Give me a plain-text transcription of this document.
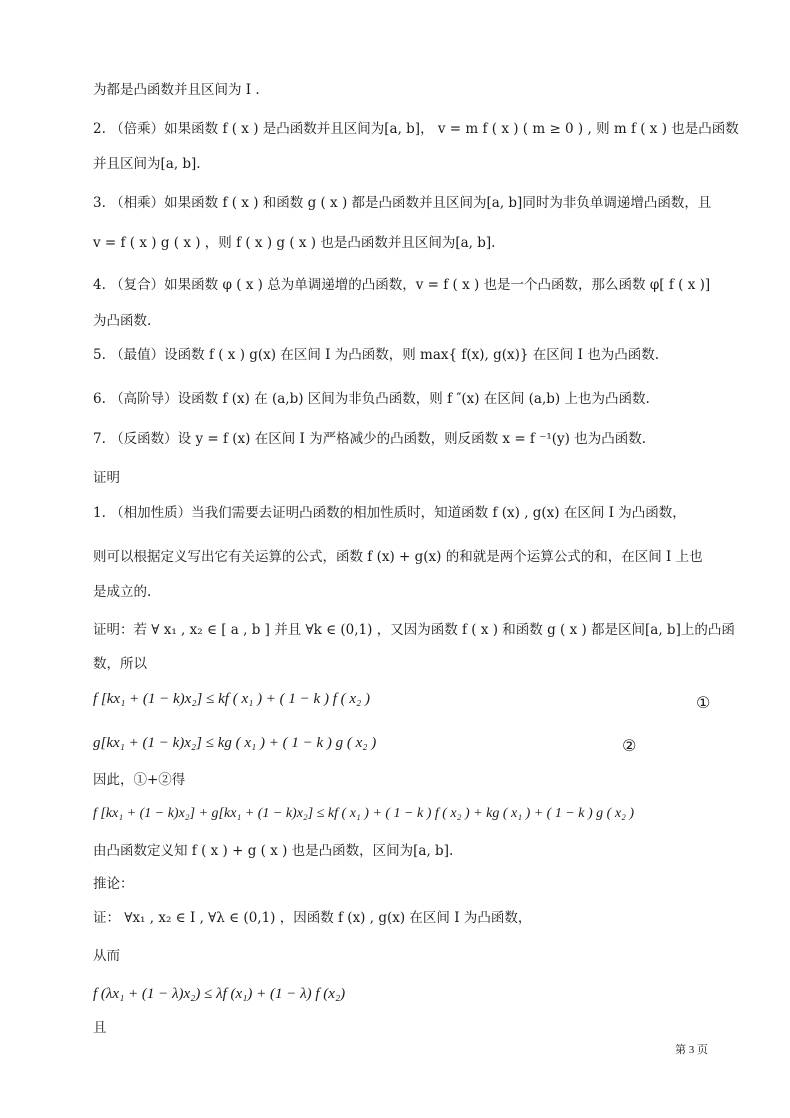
为都是凸函数并且区间为 I .
2. （倍乘）如果函数 f ( x ) 是凸函数并且区间为[a, b]， v = m f ( x ) ( m ≥ 0 ) , 则 m f ( x ) 也是凸函数
并且区间为[a, b].
3. （相乘）如果函数 f ( x ) 和函数 g ( x ) 都是凸函数并且区间为[a, b]同时为非负单调递增凸函数，且
v = f ( x ) g ( x ) ，则 f ( x ) g ( x ) 也是凸函数并且区间为[a, b].
4. （复合）如果函数 φ ( x ) 总为单调递增的凸函数，v = f ( x ) 也是一个凸函数，那么函数 φ[ f ( x )]
为凸函数.
5. （最值）设函数 f ( x ) g(x) 在区间 I 为凸函数，则 max{ f(x), g(x)} 在区间 I 也为凸函数.
6. （高阶导）设函数 f (x) 在 (a,b) 区间为非负凸函数，则 f ″(x) 在区间 (a,b) 上也为凸函数.
7. （反函数）设 y = f (x) 在区间 I 为严格减少的凸函数，则反函数 x = f ⁻¹(y) 也为凸函数.
证明
1. （相加性质）当我们需要去证明凸函数的相加性质时，知道函数 f (x) , g(x) 在区间 I 为凸函数，
则可以根据定义写出它有关运算的公式，函数 f (x) + g(x) 的和就是两个运算公式的和，在区间 I 上也
是成立的.
证明：若 ∀ x₁ , x₂ ∈ [ a , b ] 并且 ∀k ∈ (0,1) ，又因为函数 f ( x ) 和函数 g ( x ) 都是区间[a, b]上的凸函
数，所以
f [kx₁ + (1 − k)x₂] ≤ kf ( x₁ ) + ( 1 − k ) f ( x₂ )
g[kx₁ + (1 − k)x₂] ≤ kg ( x₁ ) + ( 1 − k ) g ( x₂ )
因此，①+②得
f [kx₁ + (1 − k)x₂] + g[kx₁ + (1 − k)x₂] ≤ kf ( x₁ ) + ( 1 − k ) f ( x₂ ) + kg ( x₁ ) + ( 1 − k ) g ( x₂ )
由凸函数定义知 f ( x ) + g ( x ) 也是凸函数，区间为[a, b].
推论：
证： ∀x₁ , x₂ ∈ I , ∀λ ∈ (0,1) ，因函数 f (x) , g(x) 在区间 I 为凸函数，
从而
f (λx₁ + (1 − λ)x₂) ≤ λf (x₁) + (1 − λ) f (x₂)
且
①
②
第 3 页
